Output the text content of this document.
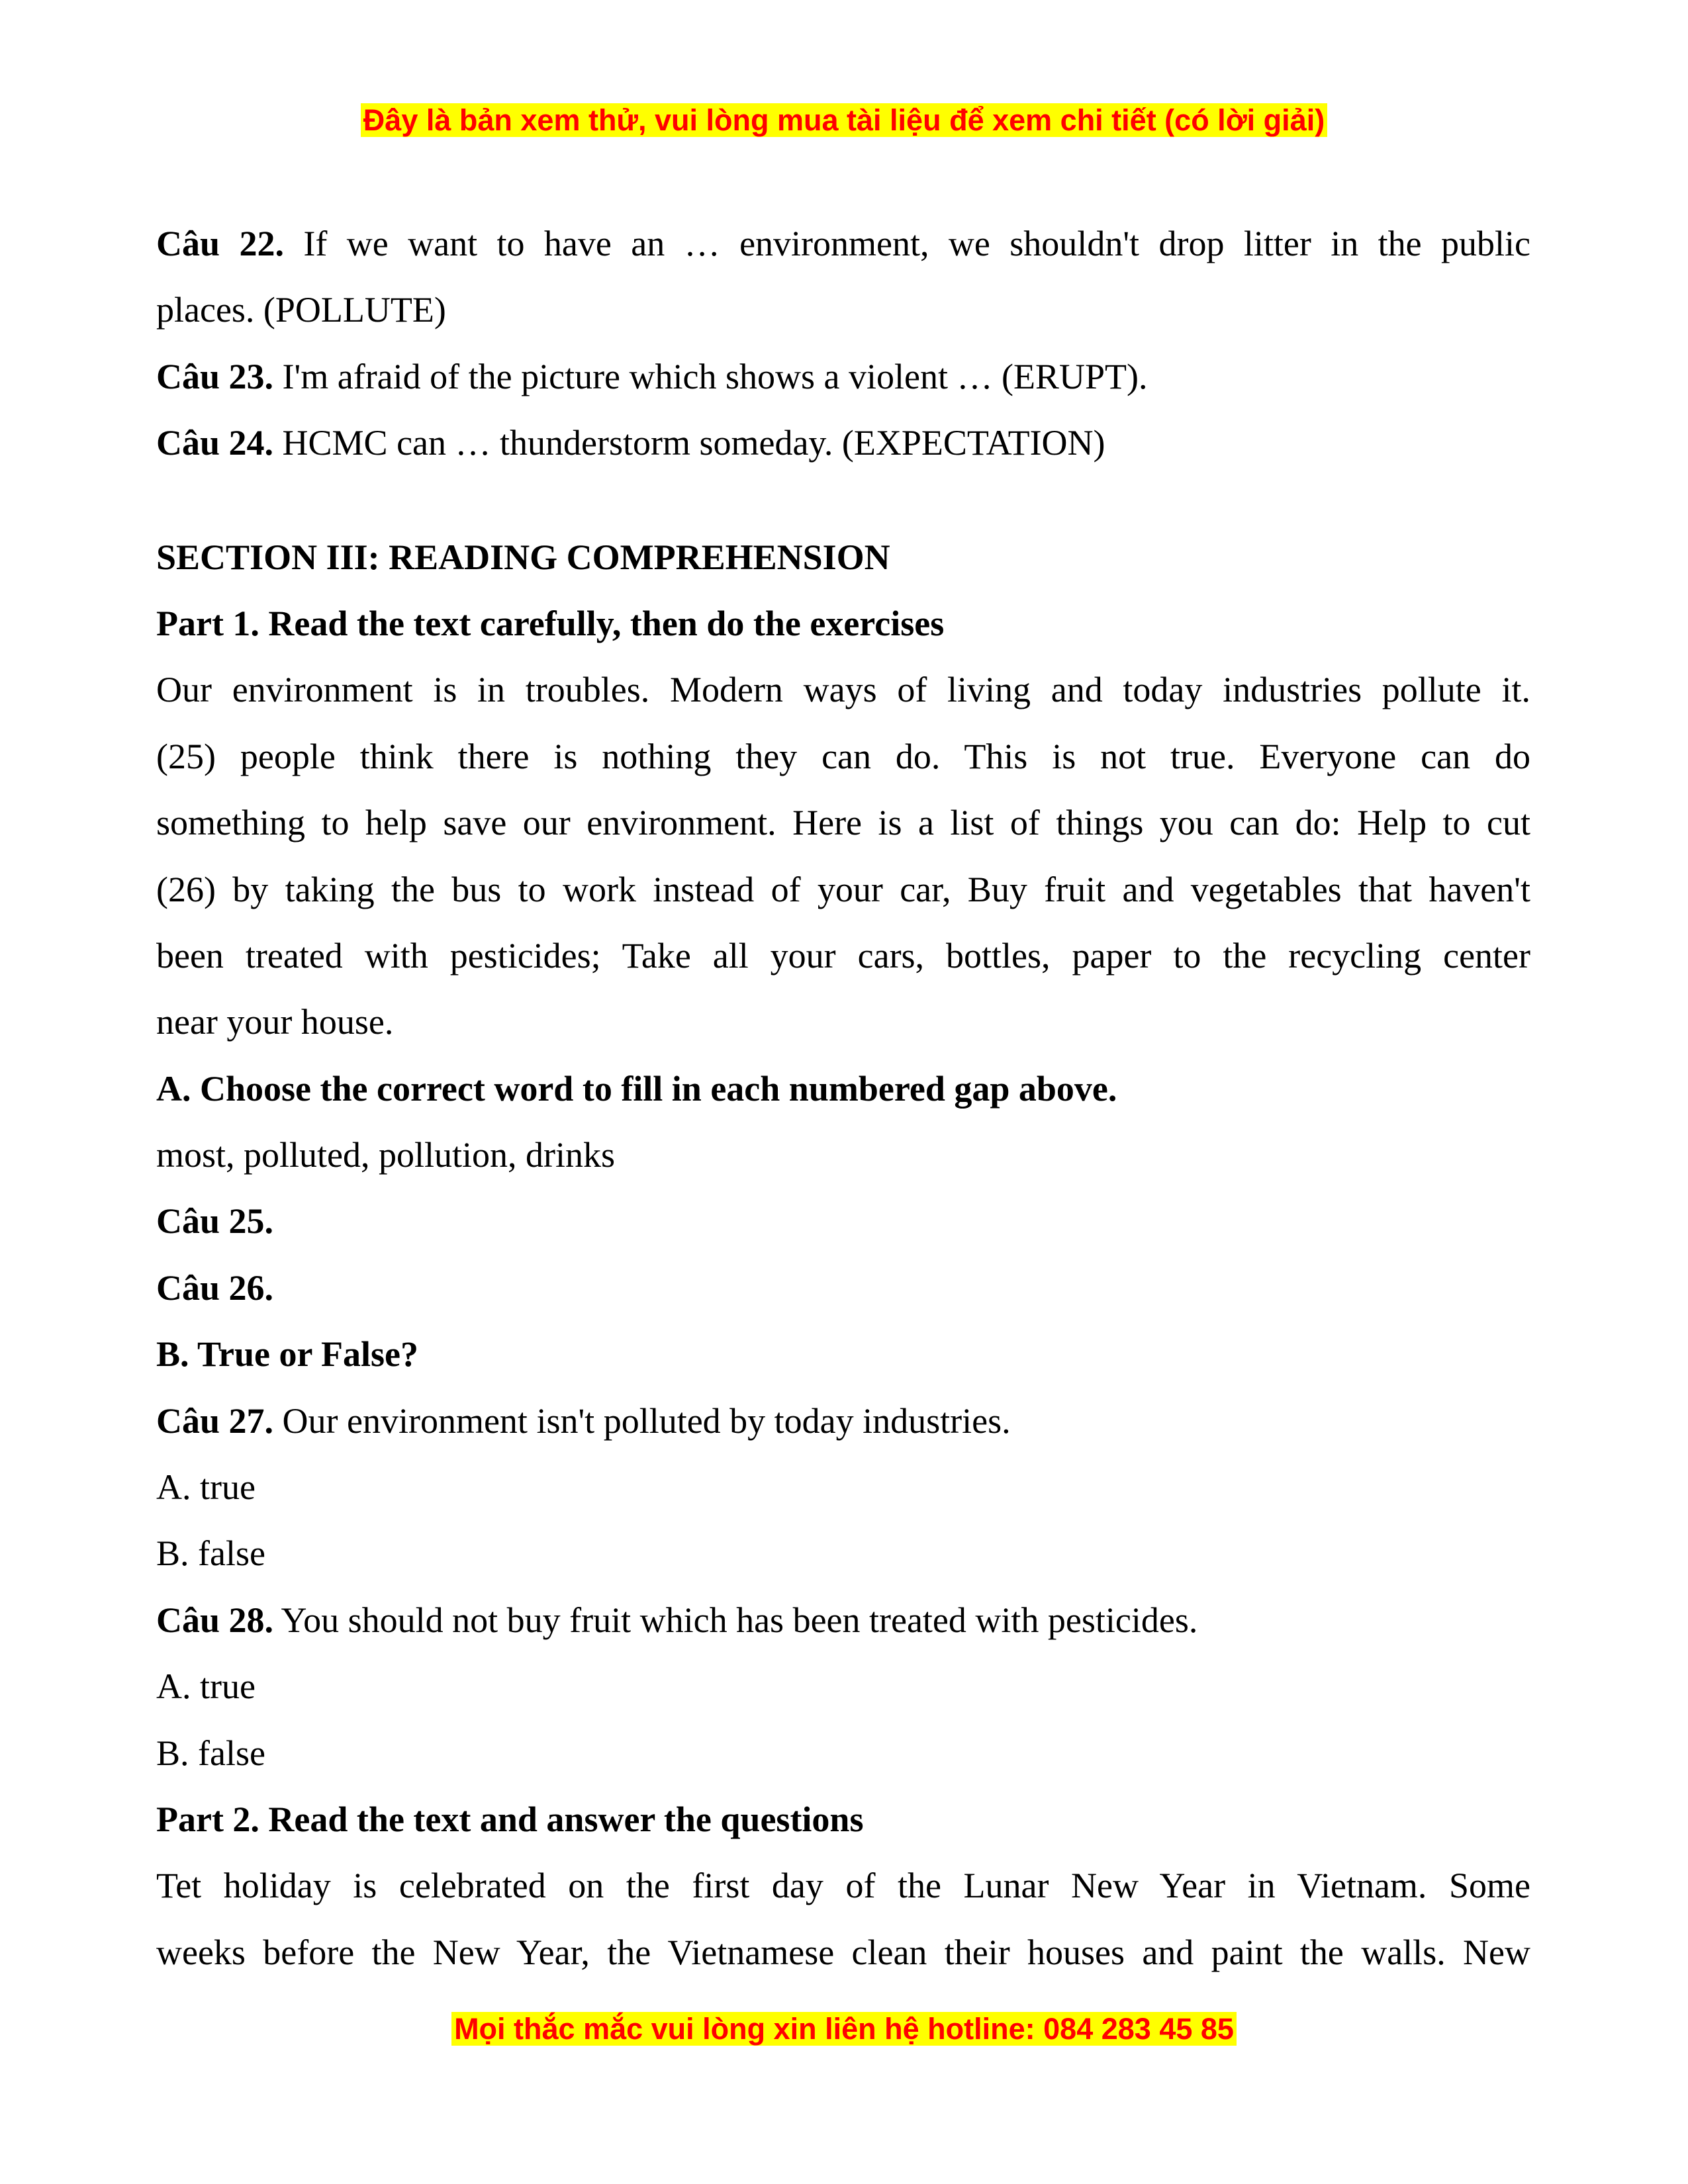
Đây là bản xem thử, vui lòng mua tài liệu để xem chi tiết (có lời giải)
Câu 22. If we want to have an … environment, we shouldn't drop litter in the public
places. (POLLUTE)
Câu 23. I'm afraid of the picture which shows a violent … (ERUPT).
Câu 24. HCMC can … thunderstorm someday. (EXPECTATION)
SECTION III: READING COMPREHENSION
Part 1. Read the text carefully, then do the exercises
Our environment is in troubles. Modern ways of living and today industries pollute it.
(25) people think there is nothing they can do. This is not true. Everyone can do
something to help save our environment. Here is a list of things you can do: Help to cut
(26) by taking the bus to work instead of your car, Buy fruit and vegetables that haven't
been treated with pesticides; Take all your cars, bottles, paper to the recycling center
near your house.
A. Choose the correct word to fill in each numbered gap above.
most, polluted, pollution, drinks
Câu 25.
Câu 26.
B. True or False?
Câu 27. Our environment isn't polluted by today industries.
A. true
B. false
Câu 28. You should not buy fruit which has been treated with pesticides.
A. true
B. false
Part 2. Read the text and answer the questions
Tet holiday is celebrated on the first day of the Lunar New Year in Vietnam. Some
weeks before the New Year, the Vietnamese clean their houses and paint the walls. New
Mọi thắc mắc vui lòng xin liên hệ hotline: 084 283 45 85
